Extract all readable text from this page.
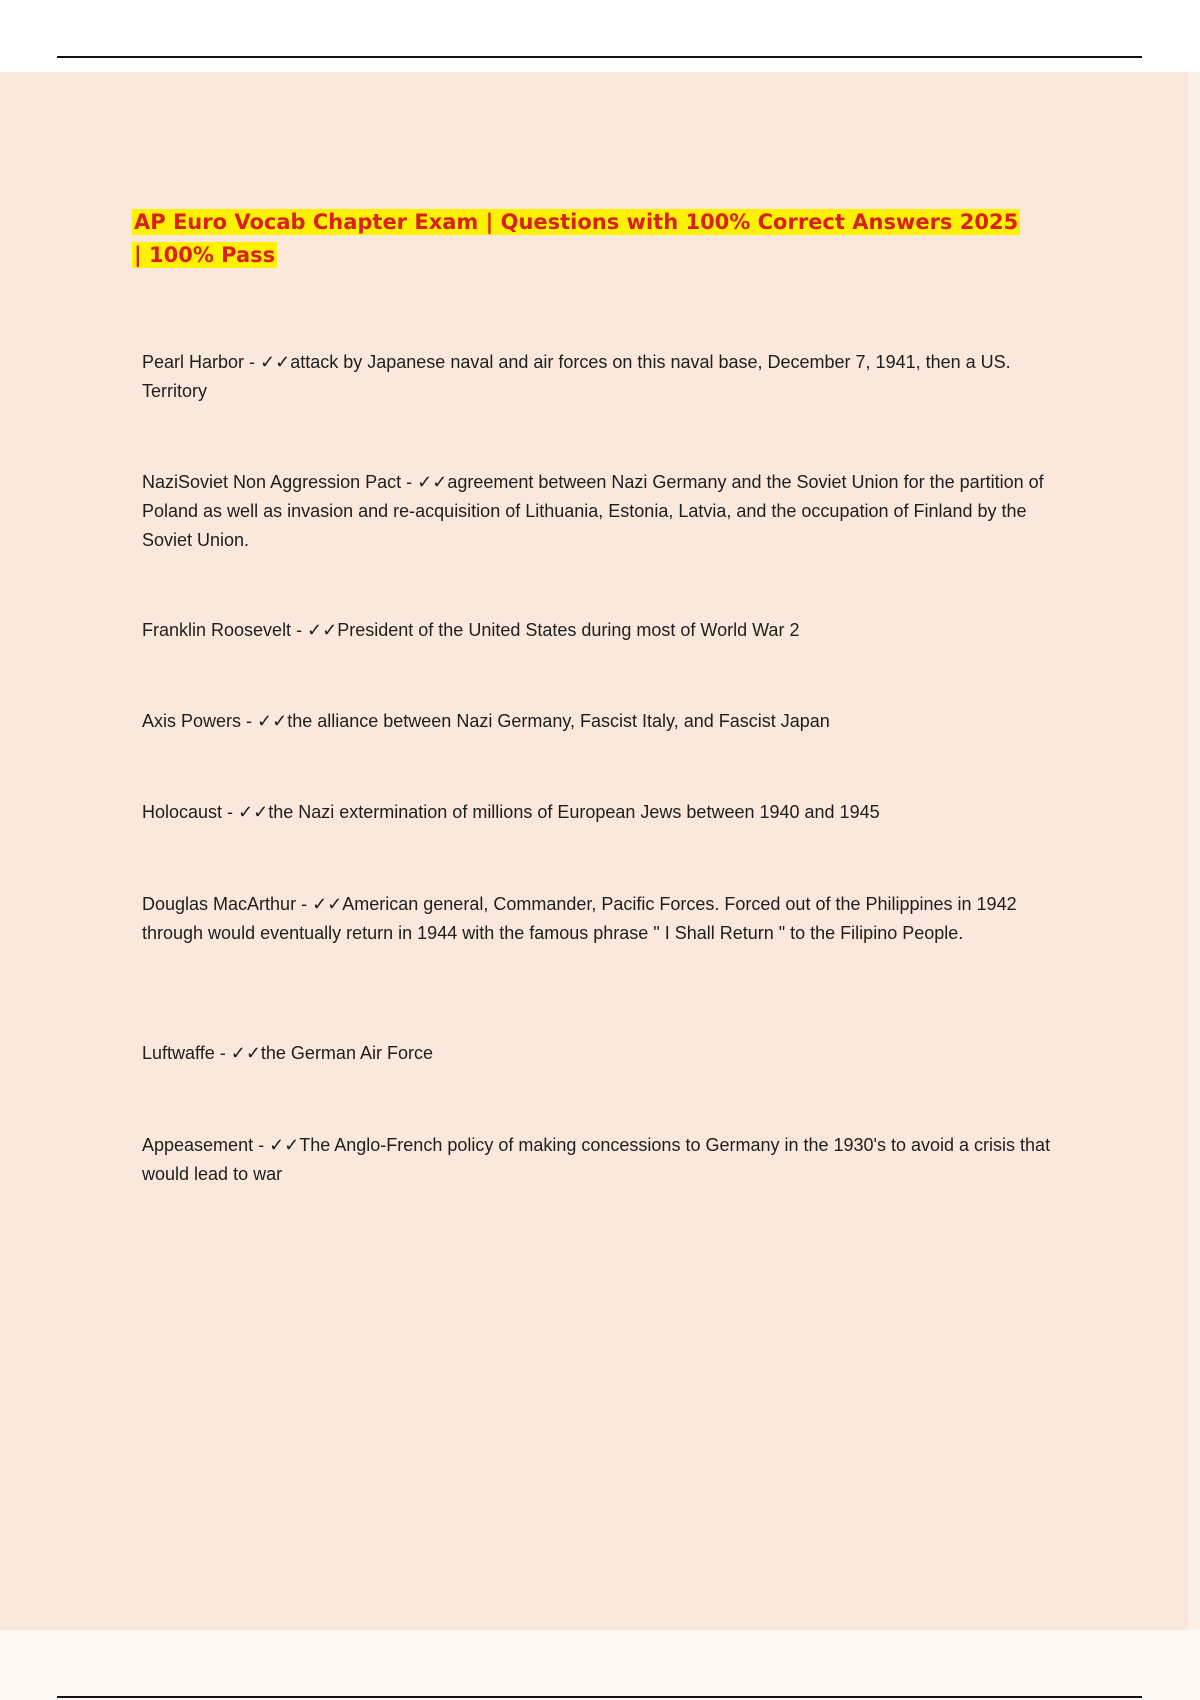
AP Euro Vocab Chapter Exam | Questions with 100% Correct Answers 2025 | 100% Pass
Pearl Harbor - ✓✓attack by Japanese naval and air forces on this naval base, December 7, 1941, then a US. Territory
NaziSoviet Non Aggression Pact - ✓✓agreement between Nazi Germany and the Soviet Union for the partition of Poland as well as invasion and re-acquisition of Lithuania, Estonia, Latvia, and the occupation of Finland by the Soviet Union.
Franklin Roosevelt - ✓✓President of the United States during most of World War 2
Axis Powers - ✓✓the alliance between Nazi Germany, Fascist Italy, and Fascist Japan
Holocaust - ✓✓the Nazi extermination of millions of European Jews between 1940 and 1945
Douglas MacArthur - ✓✓American general, Commander, Pacific Forces. Forced out of the Philippines in 1942 through would eventually return in 1944 with the famous phrase " I Shall Return " to the Filipino People.
Luftwaffe - ✓✓the German Air Force
Appeasement - ✓✓The Anglo-French policy of making concessions to Germany in the 1930's to avoid a crisis that would lead to war
